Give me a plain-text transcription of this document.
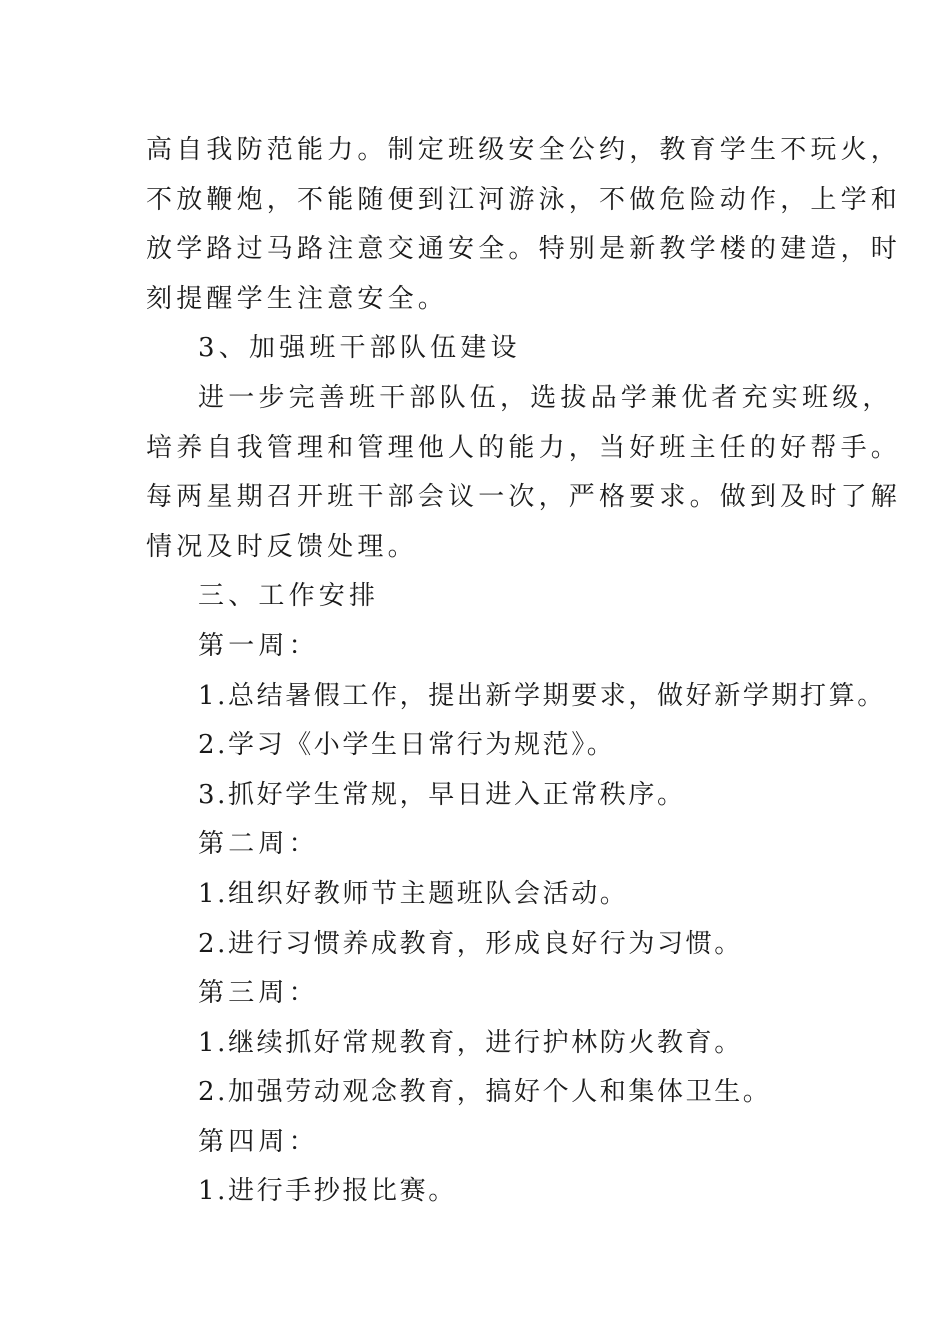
高自我防范能力。制定班级安全公约，教育学生不玩火，
不放鞭炮，不能随便到江河游泳，不做危险动作，上学和
放学路过马路注意交通安全。特别是新教学楼的建造，时
刻提醒学生注意安全。
3、加强班干部队伍建设
进一步完善班干部队伍，选拔品学兼优者充实班级，
培养自我管理和管理他人的能力，当好班主任的好帮手。
每两星期召开班干部会议一次，严格要求。做到及时了解
情况及时反馈处理。
三、工作安排
第一周：
1.总结暑假工作，提出新学期要求，做好新学期打算。
2.学习《小学生日常行为规范》。
3.抓好学生常规，早日进入正常秩序。
第二周：
1.组织好教师节主题班队会活动。
2.进行习惯养成教育，形成良好行为习惯。
第三周：
1.继续抓好常规教育，进行护林防火教育。
2.加强劳动观念教育，搞好个人和集体卫生。
第四周：
1.进行手抄报比赛。
